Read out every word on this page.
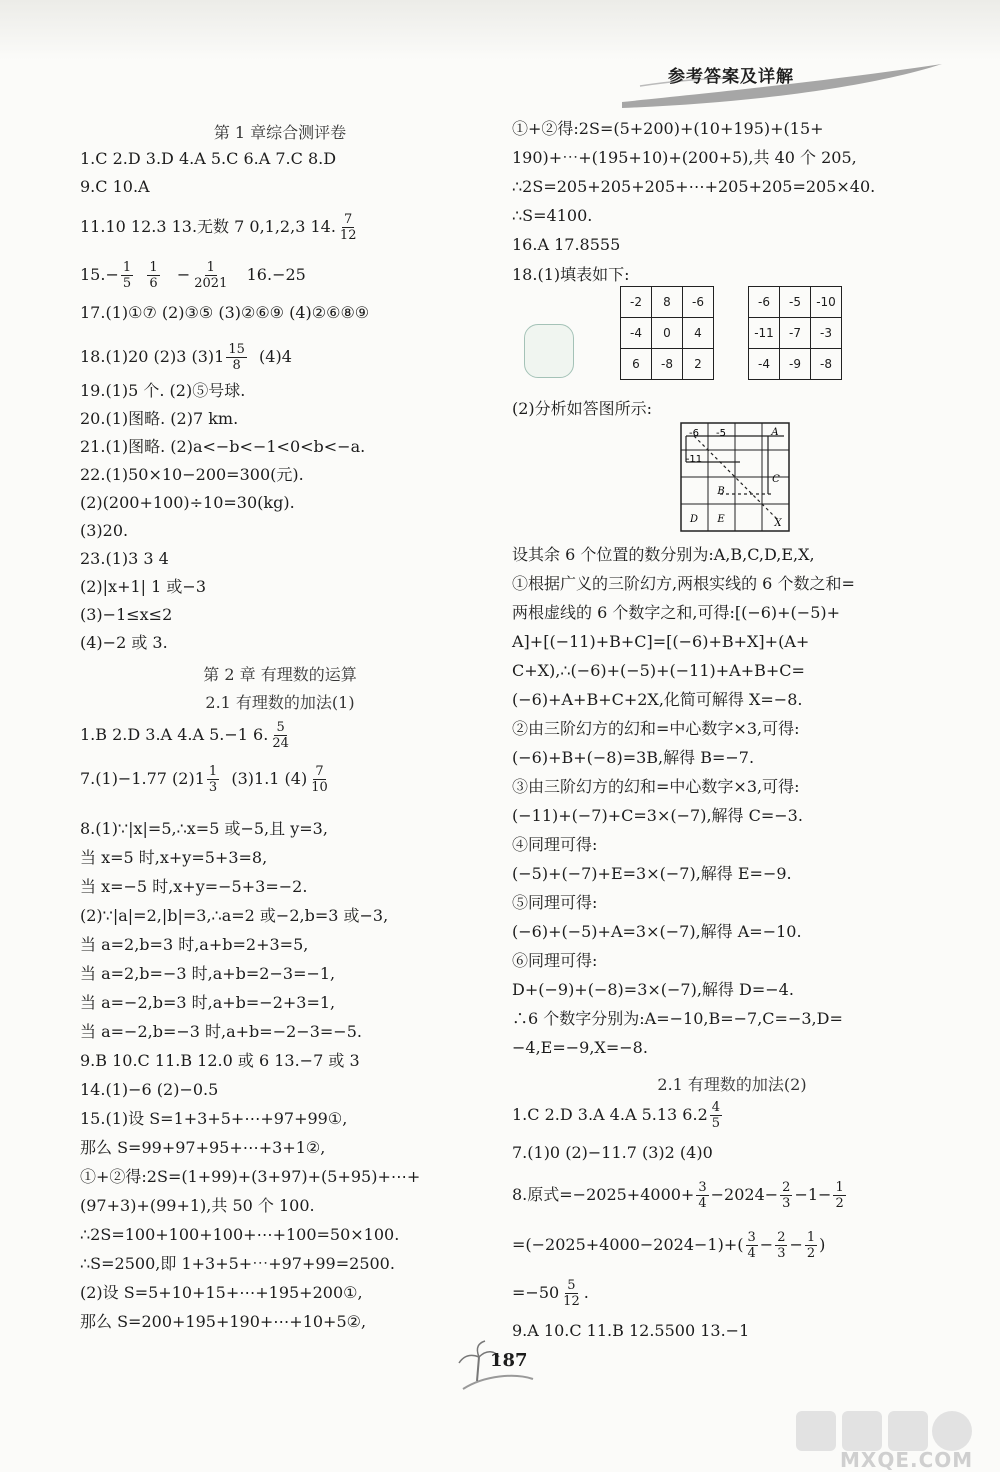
参考答案及详解
第 1 章综合测评卷
1.C 2.D 3.D 4.A 5.C 6.A 7.C 8.D
9.C 10.A
11.10 12.3 13.无数 7 0,1,2,3 14. $\frac{7}{12}$
$15.- \frac{1}{5}$
$\frac{1}{6} - \frac{1}{2021} 16.-25$
17.(1)①⑦ (2)③⑤ (3)②⑥⑨ (4)②⑥⑧⑨
18.(1)20 (2)3 $(3)1 \frac{15}{8} (4)4$
19.(1)5 个. (2)⑤号球.
20.(1)图略. (2)7 km.
21.(1)图略. (2)a<−b<−1<0<b<−a.
22.(1)50×10−200=300(元).
(2)(200+100)÷10=30(kg).
(3)20.
23.(1)3 3 4
(2)|x+1| 1 或−3
(3)−1≤x≤2
(4)−2 或 3.
第 2 章 有理数的运算
2.1 有理数的加法(1)
1.B 2.D 3.A 4.A 5.−1 6. $\frac{5}{24}$
7.(1)−1.77 $(2)1 \frac{1}{3} (3)1.1$ $(4) \frac{7}{10}$
8.(1)∵|x|=5,∴x=5 或−5,且 y=3,
当 x=5 时,x+y=5+3=8,
当 x=−5 时,x+y=−5+3=−2.
(2)∵|a|=2,|b|=3,∴a=2 或−2,b=3 或−3,
当 a=2,b=3 时,a+b=2+3=5,
当 a=2,b=−3 时,a+b=2−3=−1,
当 a=−2,b=3 时,a+b=−2+3=1,
当 a=−2,b=−3 时,a+b=−2−3=−5.
9.B 10.C 11.B 12.0 或 6 13.−7 或 3
14.(1)−6 (2)−0.5
15.(1)设 S=1+3+5+⋯+97+99①,
那么 S=99+97+95+⋯+3+1②,
①+②得:2S=(1+99)+(3+97)+(5+95)+⋯+
(97+3)+(99+1),共 50 个 100.
∴2S=100+100+100+⋯+100=50×100.
∴S=2500,即 1+3+5+⋯+97+99=2500.
(2)设 S=5+10+15+⋯+195+200①,
那么 S=200+195+190+⋯+10+5②,
①+②得:2S=(5+200)+(10+195)+(15+
190)+⋯+(195+10)+(200+5),共 40 个 205,
∴2S=205+205+205+⋯+205+205=205×40.
∴S=4100.
16.A 17.8555
18.(1)填表如下:
-2	8	-6
-4	0	4
6	-8	2
-6	-5	-10
-11	-7	-3
-4	-9	-8
(2)分析如答图所示:
-6 -5	A
-11
B
C
D E	X
设其余 6 个位置的数分别为:A,B,C,D,E,X,
①根据广义的三阶幻方,两根实线的 6 个数之和=
两根虚线的 6 个数字之和,可得:[(−6)+(−5)+
A]+[(−11)+B+C]=[(−6)+B+X]+(A+
C+X),∴(−6)+(−5)+(−11)+A+B+C=
(−6)+A+B+C+2X,化简可解得 X=−8.
②由三阶幻方的幻和=中心数字×3,可得:
(−6)+B+(−8)=3B,解得 B=−7.
③由三阶幻方的幻和=中心数字×3,可得:
(−11)+(−7)+C=3×(−7),解得 C=−3.
④同理可得:
(−5)+(−7)+E=3×(−7),解得 E=−9.
⑤同理可得:
(−6)+(−5)+A=3×(−7),解得 A=−10.
⑥同理可得:
D+(−9)+(−8)=3×(−7),解得 D=−4.
∴6 个数字分别为:A=−10,B=−7,C=−3,D=
−4,E=−9,X=−8.
2.1 有理数的加法(2)
1.C 2.D 3.A 4.A 5.13 $6.2 \frac{4}{5}$
7.(1)0 (2)−11.7 (3)2 (4)0
8.原式$=-2025+4000+ \frac{3}{4} -2024- \frac{2}{3} -1- \frac{1}{2}$
$=(-2025+4000-2024-1)+( \frac{3}{4} - \frac{2}{3} - \frac{1}{2}$ )
$=-50 \frac{5}{12}$ .
9.A 10.C 11.B 12.5500 13.−1
187
MXQE.COM
